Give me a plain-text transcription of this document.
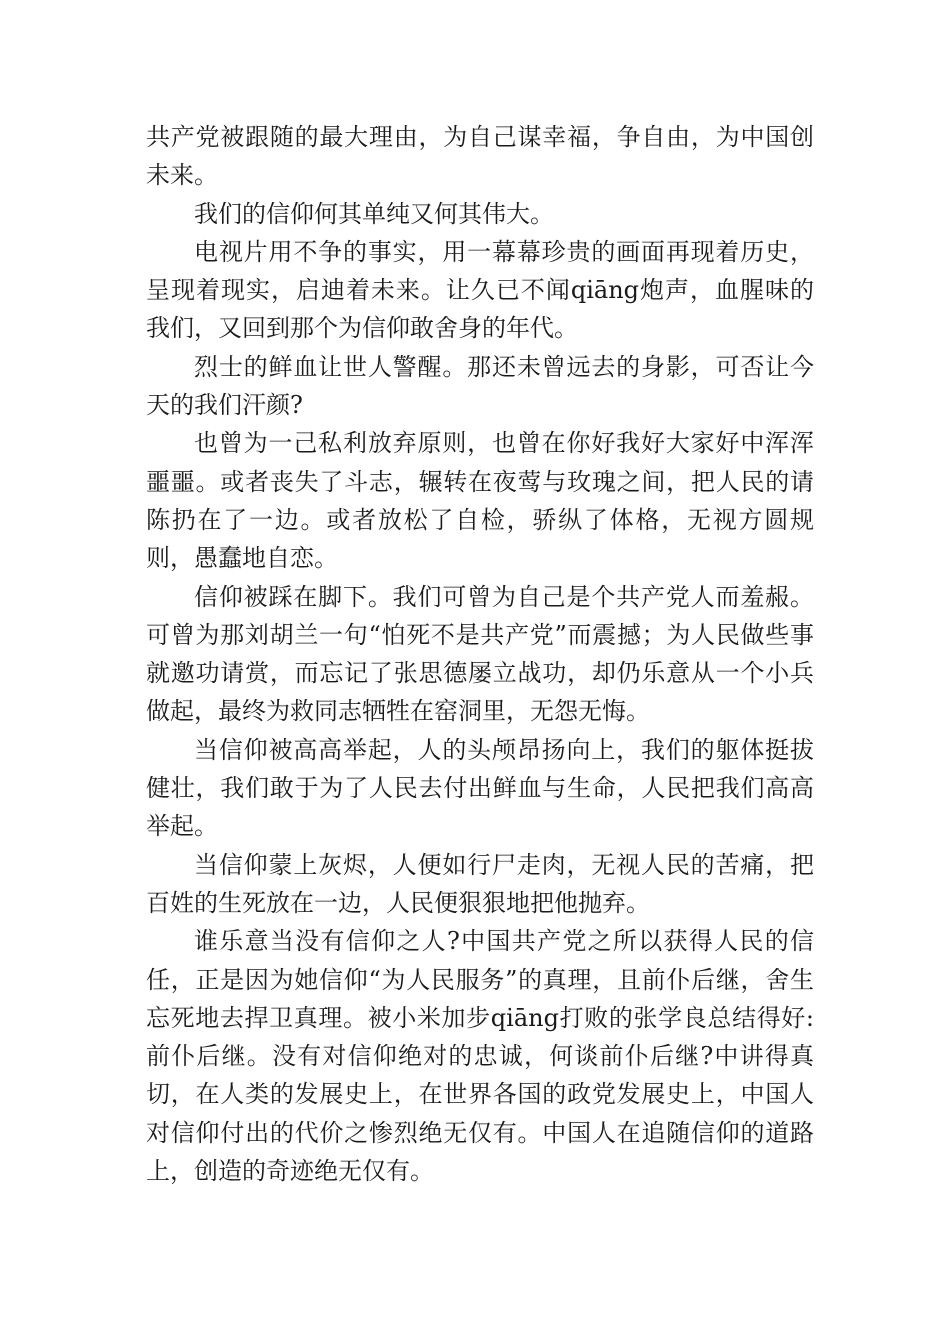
共产党被跟随的最大理由，为自己谋幸福，争自由，为中国创未来。

我们的信仰何其单纯又何其伟大。

电视片用不争的事实，用一幕幕珍贵的画面再现着历史，呈现着现实，启迪着未来。让久已不闻qiāng炮声，血腥味的我们，又回到那个为信仰敢舍身的年代。

烈士的鲜血让世人警醒。那还未曾远去的身影，可否让今天的我们汗颜?

也曾为一己私利放弃原则，也曾在你好我好大家好中浑浑噩噩。或者丧失了斗志，辗转在夜莺与玫瑰之间，把人民的请陈扔在了一边。或者放松了自检，骄纵了体格，无视方圆规则，愚蠢地自恋。

信仰被踩在脚下。我们可曾为自己是个共产党人而羞赧。可曾为那刘胡兰一句“怕死不是共产党”而震撼；为人民做些事就邀功请赏，而忘记了张思德屡立战功，却仍乐意从一个小兵做起，最终为救同志牺牲在窑洞里，无怨无悔。

当信仰被高高举起，人的头颅昂扬向上，我们的躯体挺拔健壮，我们敢于为了人民去付出鲜血与生命，人民把我们高高举起。

当信仰蒙上灰烬，人便如行尸走肉，无视人民的苦痛，把百姓的生死放在一边，人民便狠狠地把他抛弃。

谁乐意当没有信仰之人?中国共产党之所以获得人民的信任，正是因为她信仰“为人民服务”的真理，且前仆后继，舍生忘死地去捍卫真理。被小米加步qiāng打败的张学良总结得好:前仆后继。没有对信仰绝对的忠诚，何谈前仆后继?中讲得真切，在人类的发展史上，在世界各国的政党发展史上，中国人对信仰付出的代价之惨烈绝无仅有。中国人在追随信仰的道路上，创造的奇迹绝无仅有。
